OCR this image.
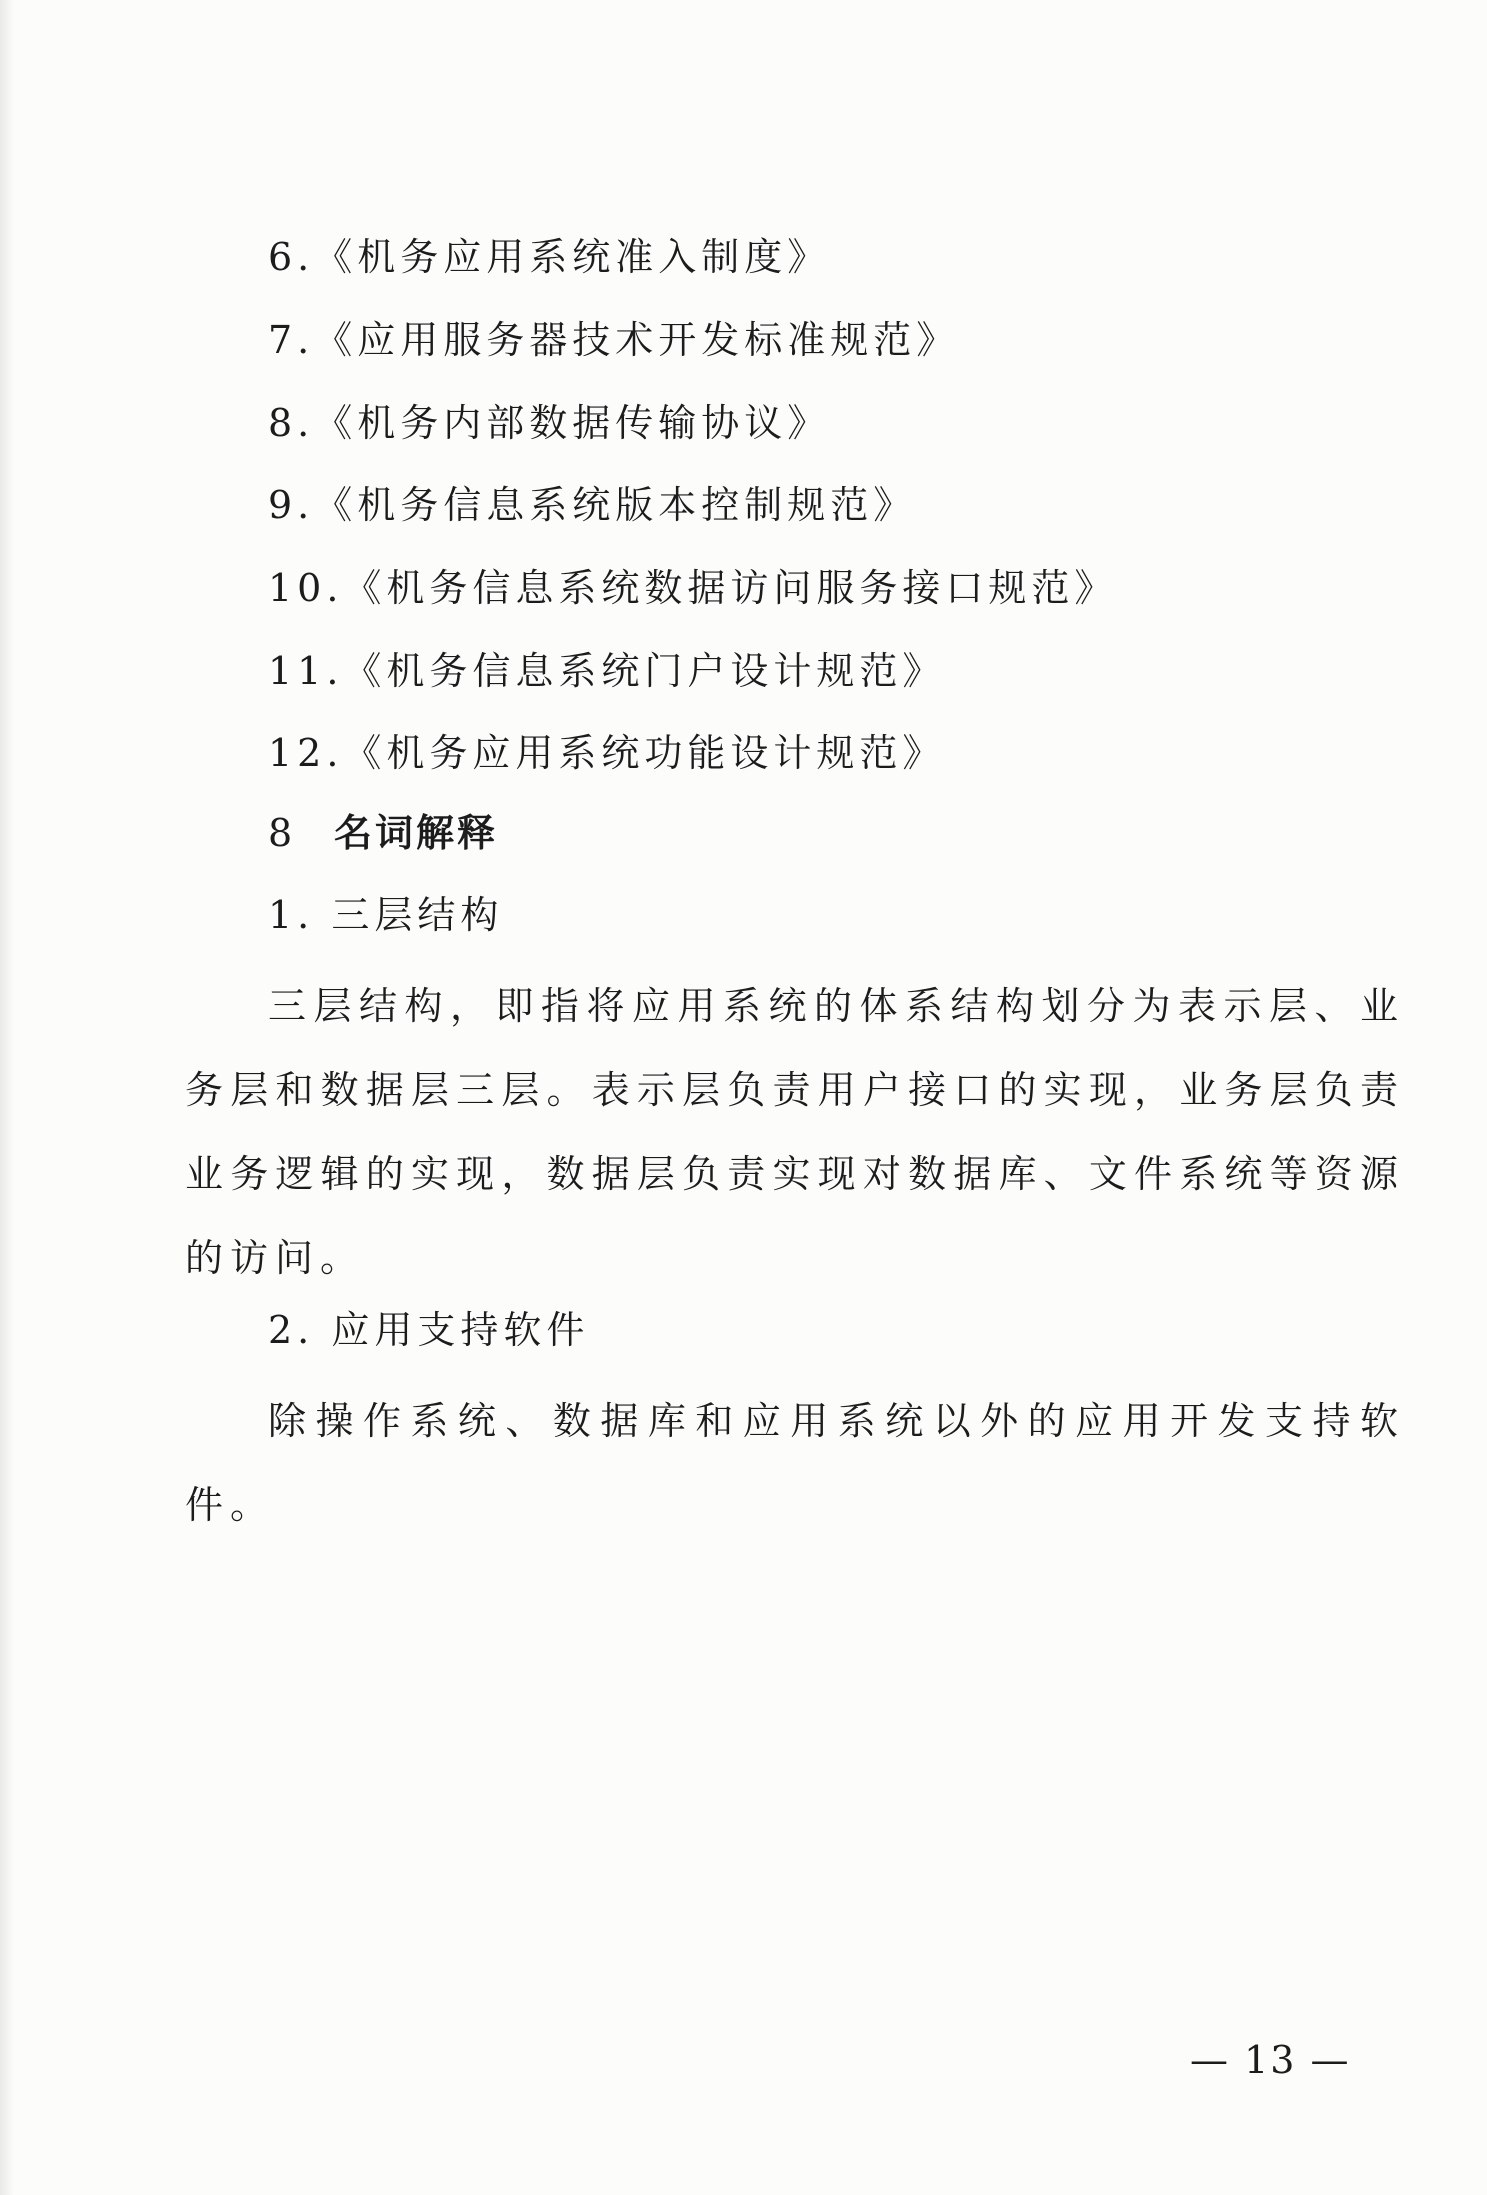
6.《机务应用系统准入制度》
7.《应用服务器技术开发标准规范》
8.《机务内部数据传输协议》
9.《机务信息系统版本控制规范》
10.《机务信息系统数据访问服务接口规范》
11.《机务信息系统门户设计规范》
12.《机务应用系统功能设计规范》
8 名词解释
1. 三层结构
三层结构，即指将应用系统的体系结构划分为表示层、业务层和数据层三层。表示层负责用户接口的实现，业务层负责业务逻辑的实现，数据层负责实现对数据库、文件系统等资源的访问。
2. 应用支持软件
除操作系统、数据库和应用系统以外的应用开发支持软件。
— 13 —
